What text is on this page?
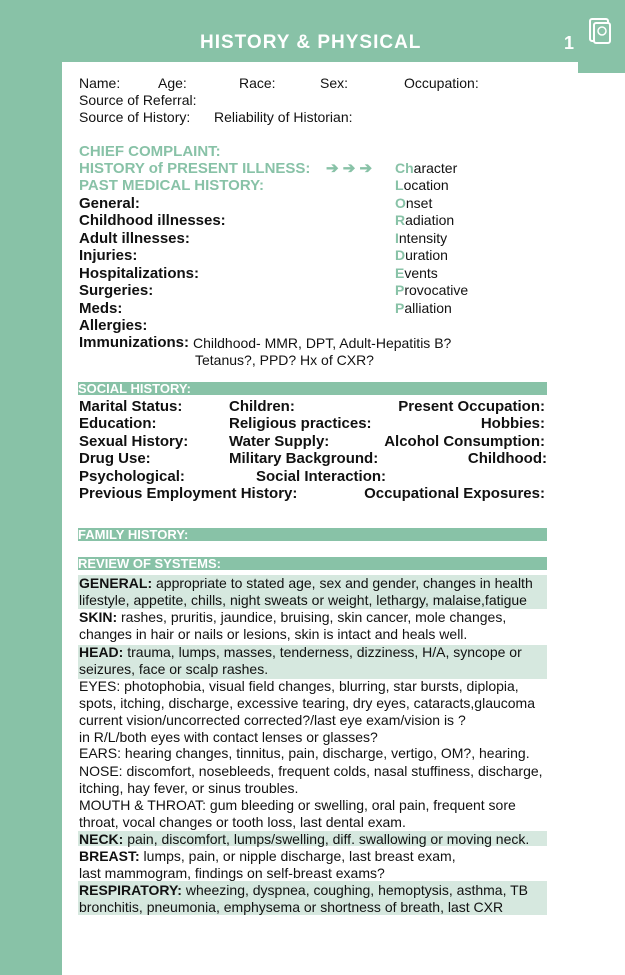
HISTORY & PHYSICAL	1
Name:	Age:	Race:	Sex:	Occupation:
Source of Referral:
Source of History: Reliability of Historian:
CHIEF COMPLAINT:
HISTORY of PRESENT ILLNESS: ➔ ➔ ➔
PAST MEDICAL HISTORY:
General:
Childhood illnesses:
Adult illnesses:
Injuries:
Hospitalizations:
Surgeries:
Meds:
Allergies:
Character
Location
Onset
Radiation
Intensity
Duration
Events
Provocative
Palliation
Immunizations: Childhood- MMR, DPT, Adult-Hepatitis B?
Tetanus?, PPD? Hx of CXR?
SOCIAL HISTORY:
Marital Status:	Children:	Present Occupation:
Education:	Religious practices:	Hobbies:
Sexual History:	Water Supply:	Alcohol Consumption:
Drug Use:	Military Background:	Childhood:
Psychological:	Social Interaction:
Previous Employment History:	Occupational Exposures:
FAMILY HISTORY:
REVIEW OF SYSTEMS:
GENERAL: appropriate to stated age, sex and gender, changes in health
lifestyle, appetite, chills, night sweats or weight, lethargy, malaise,fatigue
SKIN: rashes, pruritis, jaundice, bruising, skin cancer, mole changes,
changes in hair or nails or lesions, skin is intact and heals well.
HEAD: trauma, lumps, masses, tenderness, dizziness, H/A, syncope or
seizures, face or scalp rashes.
EYES: photophobia, visual field changes, blurring, star bursts, diplopia,
spots, itching, discharge, excessive tearing, dry eyes, cataracts,glaucoma
current vision/uncorrected corrected?/last eye exam/vision is ?
in R/L/both eyes with contact lenses or glasses?
EARS: hearing changes, tinnitus, pain, discharge, vertigo, OM?, hearing.
NOSE: discomfort, nosebleeds, frequent colds, nasal stuffiness, discharge,
itching, hay fever, or sinus troubles.
MOUTH & THROAT: gum bleeding or swelling, oral pain, frequent sore
throat, vocal changes or tooth loss, last dental exam.
NECK: pain, discomfort, lumps/swelling, diff. swallowing or moving neck.
BREAST: lumps, pain, or nipple discharge, last breast exam,
last mammogram, findings on self-breast exams?
RESPIRATORY: wheezing, dyspnea, coughing, hemoptysis, asthma, TB
bronchitis, pneumonia, emphysema or shortness of breath, last CXR
